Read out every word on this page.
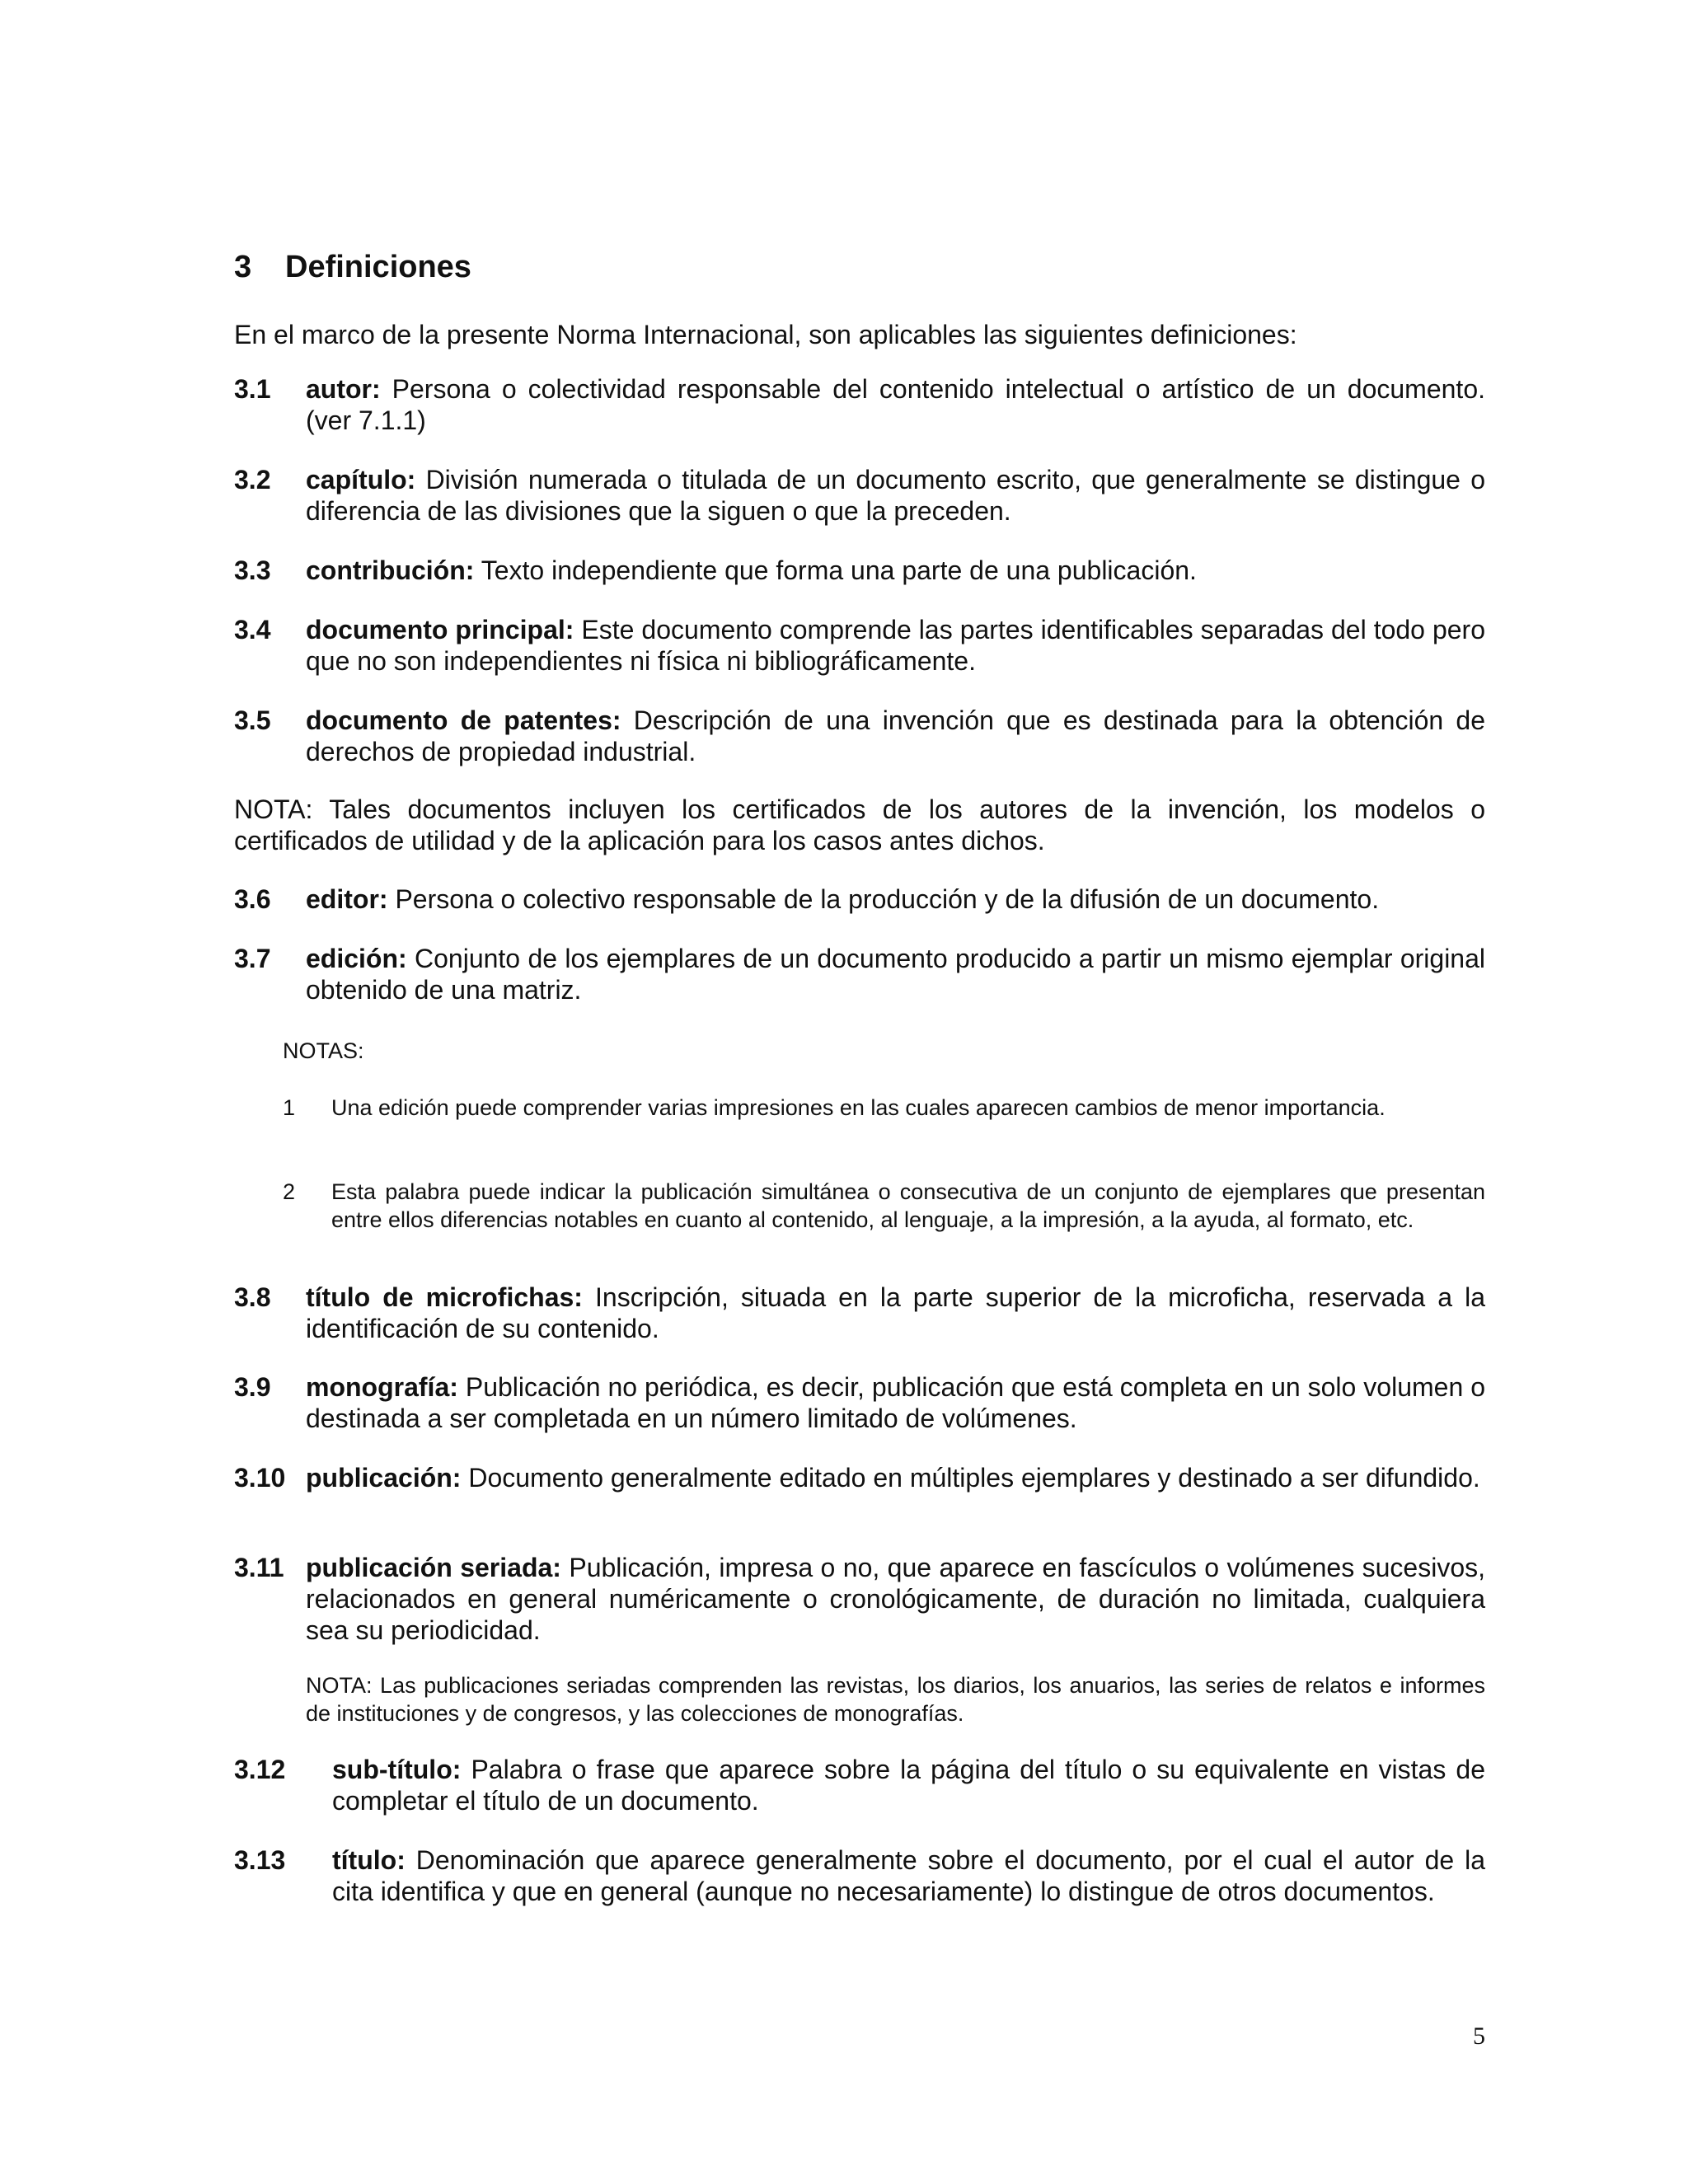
3 Definiciones
En el marco de la presente Norma Internacional, son aplicables las siguientes definiciones:
3.1 autor: Persona o colectividad responsable del contenido intelectual o artístico de un documento. (ver 7.1.1)
3.2 capítulo: División numerada o titulada de un documento escrito, que generalmente se distingue o diferencia de las divisiones que la siguen o que la preceden.
3.3 contribución: Texto independiente que forma una parte de una publicación.
3.4 documento principal: Este documento comprende las partes identificables separadas del todo pero que no son independientes ni física ni bibliográficamente.
3.5 documento de patentes: Descripción de una invención que es destinada para la obtención de derechos de propiedad industrial.
NOTA: Tales documentos incluyen los certificados de los autores de la invención, los modelos o certificados de utilidad y de la aplicación para los casos antes dichos.
3.6 editor: Persona o colectivo responsable de la producción y de la difusión de un documento.
3.7 edición: Conjunto de los ejemplares de un documento producido a partir un mismo ejemplar original obtenido de una matriz.
NOTAS:
1 Una edición puede comprender varias impresiones en las cuales aparecen cambios de menor importancia.
2 Esta palabra puede indicar la publicación simultánea o consecutiva de un conjunto de ejemplares que presentan entre ellos diferencias notables en cuanto al contenido, al lenguaje, a la impresión, a la ayuda, al formato, etc.
3.8 título de microfichas: Inscripción, situada en la parte superior de la microficha, reservada a la identificación de su contenido.
3.9 monografía: Publicación no periódica, es decir, publicación que está completa en un solo volumen o destinada a ser completada en un número limitado de volúmenes.
3.10 publicación: Documento generalmente editado en múltiples ejemplares y destinado a ser difundido.
3.11 publicación seriada: Publicación, impresa o no, que aparece en fascículos o volúmenes sucesivos, relacionados en general numéricamente o cronológicamente, de duración no limitada, cualquiera sea su periodicidad.
NOTA: Las publicaciones seriadas comprenden las revistas, los diarios, los anuarios, las series de relatos e informes de instituciones y de congresos, y las colecciones de monografías.
3.12 sub-título: Palabra o frase que aparece sobre la página del título o su equivalente en vistas de completar el título de un documento.
3.13 título: Denominación que aparece generalmente sobre el documento, por el cual el autor de la cita identifica y que en general (aunque no necesariamente) lo distingue de otros documentos.
5
